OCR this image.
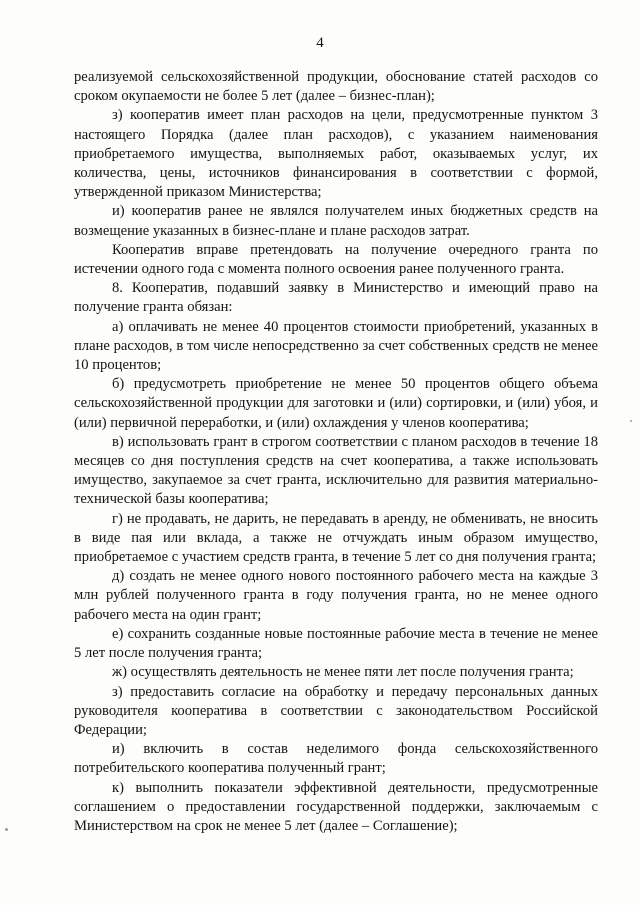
4

реализуемой сельскохозяйственной продукции, обоснование статей расходов со сроком окупаемости не более 5 лет (далее – бизнес-план);

з) кооператив имеет план расходов на цели, предусмотренные пунктом 3 настоящего Порядка (далее план расходов), с указанием наименования приобретаемого имущества, выполняемых работ, оказываемых услуг, их количества, цены, источников финансирования в соответствии с формой, утвержденной приказом Министерства;

и) кооператив ранее не являлся получателем иных бюджетных средств на возмещение указанных в бизнес-плане и плане расходов затрат.

Кооператив вправе претендовать на получение очередного гранта по истечении одного года с момента полного освоения ранее полученного гранта.

8. Кооператив, подавший заявку в Министерство и имеющий право на получение гранта обязан:

а) оплачивать не менее 40 процентов стоимости приобретений, указанных в плане расходов, в том числе непосредственно за счет собственных средств не менее 10 процентов;

б) предусмотреть приобретение не менее 50 процентов общего объема сельскохозяйственной продукции для заготовки и (или) сортировки, и (или) убоя, и (или) первичной переработки, и (или) охлаждения у членов кооператива;

в) использовать грант в строгом соответствии с планом расходов в течение 18 месяцев со дня поступления средств на счет кооператива, а также использовать имущество, закупаемое за счет гранта, исключительно для развития материально-технической базы кооператива;

г) не продавать, не дарить, не передавать в аренду, не обменивать, не вносить в виде пая или вклада, а также не отчуждать иным образом имущество, приобретаемое с участием средств гранта, в течение 5 лет со дня получения гранта;

д) создать не менее одного нового постоянного рабочего места на каждые 3 млн рублей полученного гранта в году получения гранта, но не менее одного рабочего места на один грант;

е) сохранить созданные новые постоянные рабочие места в течение не менее 5 лет после получения гранта;

ж) осуществлять деятельность не менее пяти лет после получения гранта;

з) предоставить согласие на обработку и передачу персональных данных руководителя кооператива в соответствии с законодательством Российской Федерации;

и) включить в состав неделимого фонда сельскохозяйственного потребительского кооператива полученный грант;

к) выполнить показатели эффективной деятельности, предусмотренные соглашением о предоставлении государственной поддержки, заключаемым с Министерством на срок не менее 5 лет (далее – Соглашение);
